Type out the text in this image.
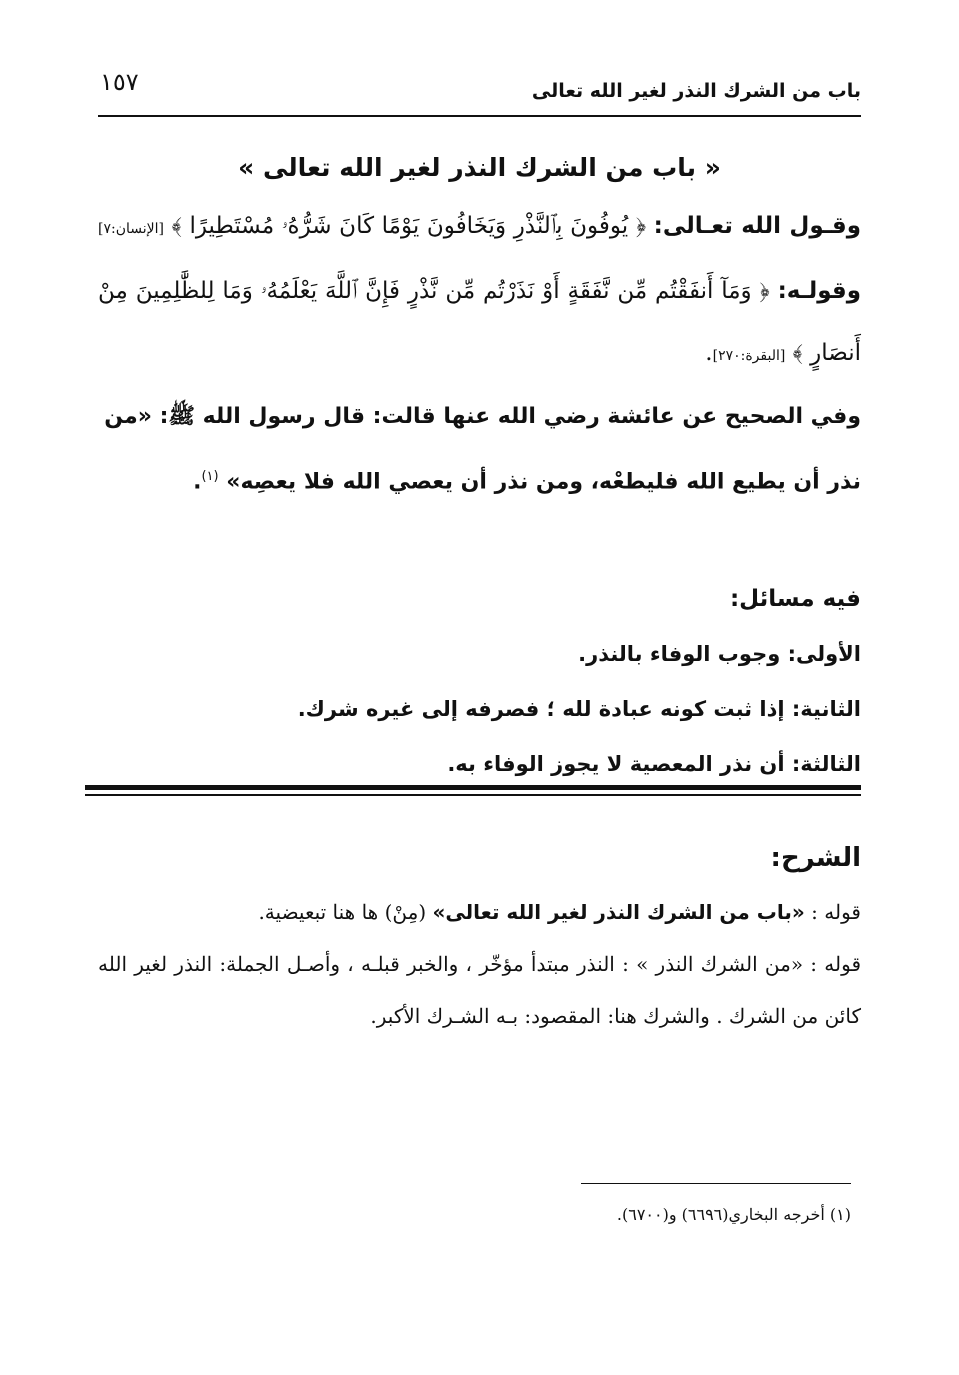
باب من الشرك النذر لغير الله تعالى
١٥٧
« باب من الشرك النذر لغير الله تعالى »

وقـول الله تعـالى: ﴿ يُوفُونَ بِٱلنَّذْرِ وَيَخَافُونَ يَوْمًا كَانَ شَرُّهُۥ مُسْتَطِيرًا ﴾ [الإنسان:٧] وقولـه: ﴿ وَمَآ أَنفَقْتُم مِّن نَّفَقَةٍ أَوْ نَذَرْتُم مِّن نَّذْرٍ فَإِنَّ ٱللَّهَ يَعْلَمُهُۥ وَمَا لِلظَّٰلِمِينَ مِنْ أَنصَارٍ ﴾ [البقرة:٢٧٠].

وفي الصحيح عن عائشة رضي الله عنها قالت: قال رسول الله ﷺ: «من نذر أن يطيع الله فليطعْه، ومن نذر أن يعصي الله فلا يعصِه» $^{(١)}$.

فيه مسائل:
الأولى: وجوب الوفاء بالنذر.
الثانية: إذا ثبت كونه عبادة لله ؛ فصرفه إلى غيره شرك.
الثالثة: أن نذر المعصية لا يجوز الوفاء به.
الشرح:

قوله : «باب من الشرك النذر لغير الله تعالى» (مِنْ) ها هنا تبعيضية.

قوله : «من الشرك النذر » : النذر مبتدأ مؤخّر ، والخبر قبلـه ، وأصـل الجملة: النذر لغير الله كائن من الشرك . والشرك هنا: المقصود: بـه الشـرك الأكبر.

(١) أخرجه البخاري(٦٦٩٦) و(٦٧٠٠).
